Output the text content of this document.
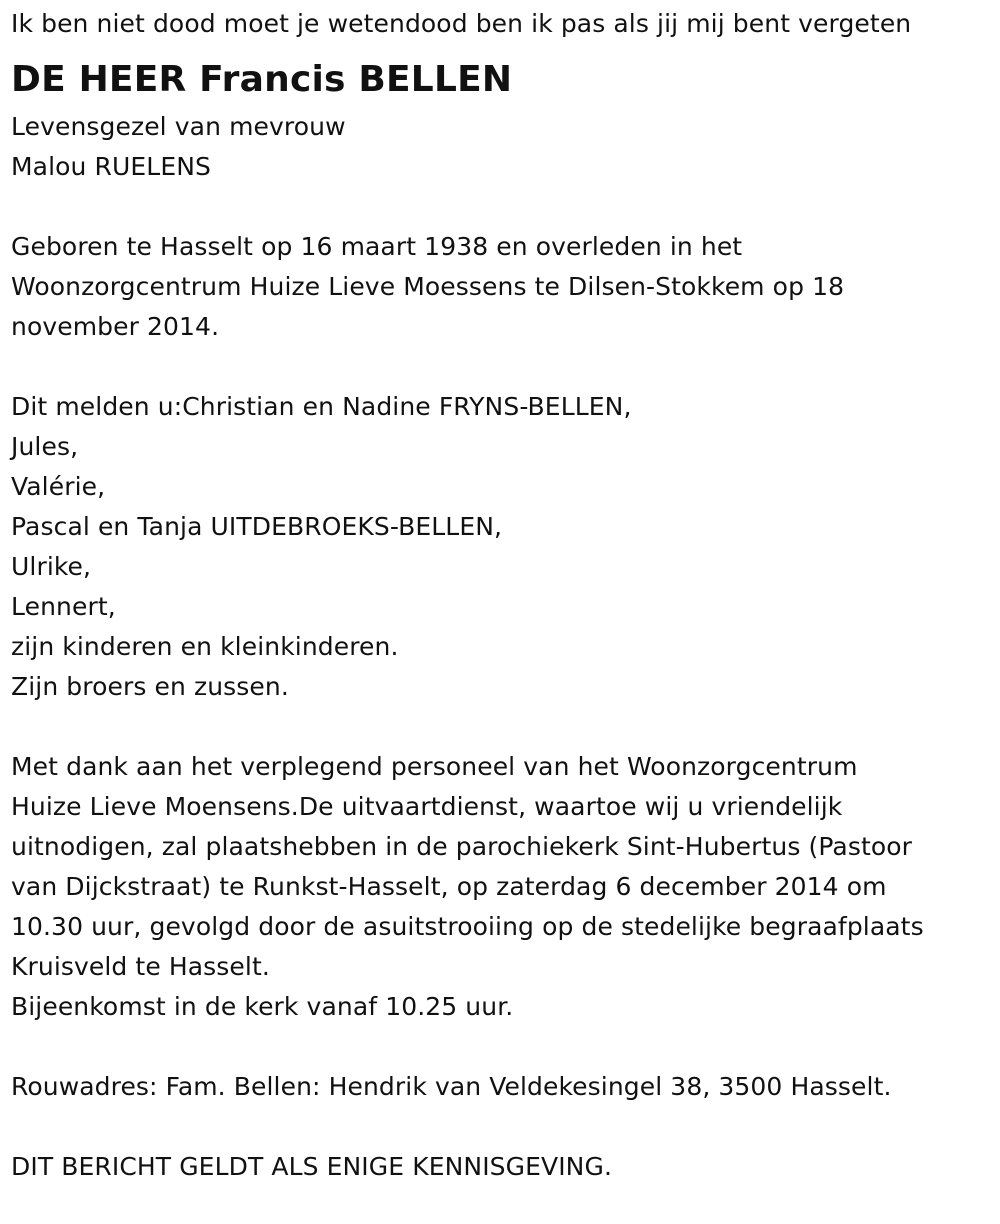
Ik ben niet dood moet je wetendood ben ik pas als jij mij bent vergeten
DE HEER Francis BELLEN
Levensgezel van mevrouw
Malou RUELENS
Geboren te Hasselt op 16 maart 1938 en overleden in het
Woonzorgcentrum Huize Lieve Moessens te Dilsen-Stokkem op 18
november 2014.
Dit melden u:Christian en Nadine FRYNS-BELLEN,
Jules,
Valérie,
Pascal en Tanja UITDEBROEKS-BELLEN,
Ulrike,
Lennert,
zijn kinderen en kleinkinderen.
Zijn broers en zussen.
Met dank aan het verplegend personeel van het Woonzorgcentrum
Huize Lieve Moensens.De uitvaartdienst, waartoe wij u vriendelijk
uitnodigen, zal plaatshebben in de parochiekerk Sint-Hubertus (Pastoor
van Dijckstraat) te Runkst-Hasselt, op zaterdag 6 december 2014 om
10.30 uur, gevolgd door de asuitstrooiing op de stedelijke begraafplaats
Kruisveld te Hasselt.
Bijeenkomst in de kerk vanaf 10.25 uur.
Rouwadres: Fam. Bellen: Hendrik van Veldekesingel 38, 3500 Hasselt.
DIT BERICHT GELDT ALS ENIGE KENNISGEVING.
